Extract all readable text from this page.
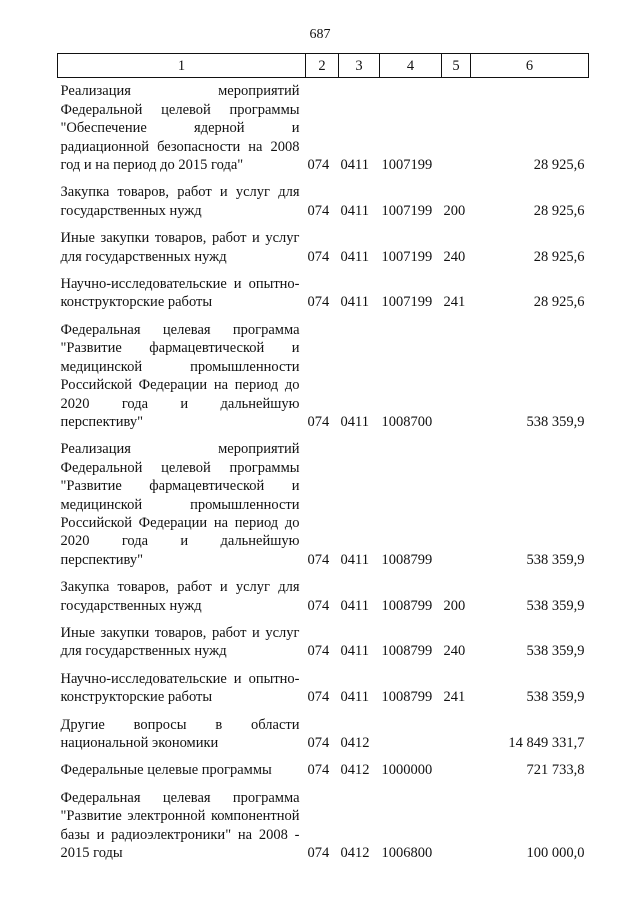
687
1	2	3	4	5	6
Реализация мероприятий Федеральной целевой программы "Обеспечение ядерной и радиационной безопасности на 2008 год и на период до 2015 года"	074	0411	1007199		28 925,6
Закупка товаров, работ и услуг для государственных нужд	074	0411	1007199	200	28 925,6
Иные закупки товаров, работ и услуг для государственных нужд	074	0411	1007199	240	28 925,6
Научно-исследовательские и опытно-конструкторские работы	074	0411	1007199	241	28 925,6
Федеральная целевая программа "Развитие фармацевтической и медицинской промышленности Российской Федерации на период до 2020 года и дальнейшую перспективу"	074	0411	1008700		538 359,9
Реализация мероприятий Федеральной целевой программы "Развитие фармацевтической и медицинской промышленности Российской Федерации на период до 2020 года и дальнейшую перспективу"	074	0411	1008799		538 359,9
Закупка товаров, работ и услуг для государственных нужд	074	0411	1008799	200	538 359,9
Иные закупки товаров, работ и услуг для государственных нужд	074	0411	1008799	240	538 359,9
Научно-исследовательские и опытно-конструкторские работы	074	0411	1008799	241	538 359,9
Другие вопросы в области национальной экономики	074	0412			14 849 331,7
Федеральные целевые программы	074	0412	1000000		721 733,8
Федеральная целевая программа "Развитие электронной компонентной базы и радиоэлектроники" на 2008 - 2015 годы	074	0412	1006800		100 000,0
